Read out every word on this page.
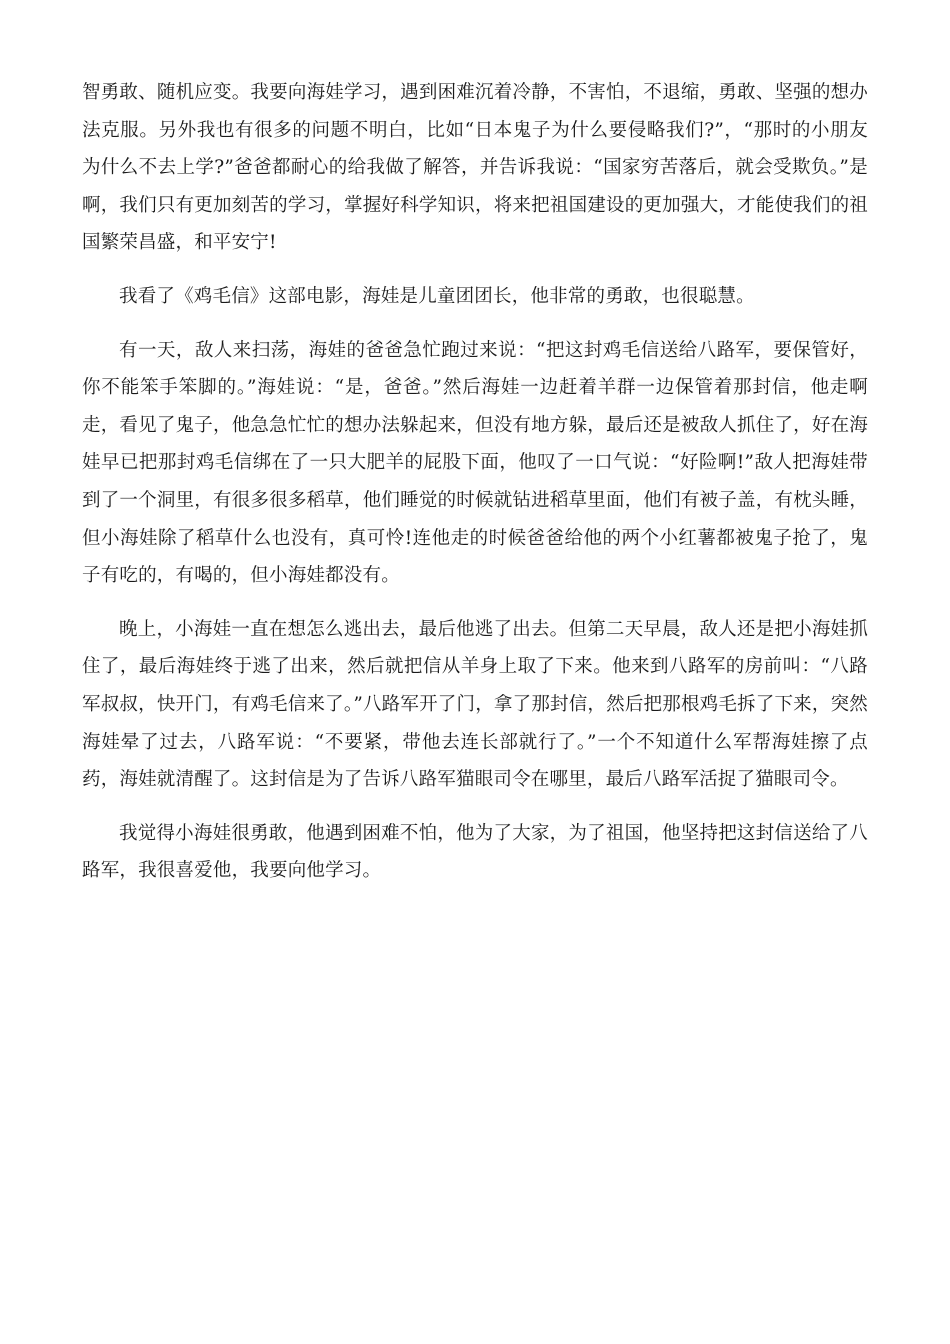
智勇敢、随机应变。我要向海娃学习，遇到困难沉着冷静，不害怕，不退缩，勇敢、坚强的想办法克服。另外我也有很多的问题不明白，比如“日本鬼子为什么要侵略我们?”，“那时的小朋友为什么不去上学?”爸爸都耐心的给我做了解答，并告诉我说：“国家穷苦落后，就会受欺负。”是啊，我们只有更加刻苦的学习，掌握好科学知识，将来把祖国建设的更加强大，才能使我们的祖国繁荣昌盛，和平安宁!

我看了《鸡毛信》这部电影，海娃是儿童团团长，他非常的勇敢，也很聪慧。

有一天，敌人来扫荡，海娃的爸爸急忙跑过来说：“把这封鸡毛信送给八路军，要保管好，你不能笨手笨脚的。”海娃说：“是，爸爸。”然后海娃一边赶着羊群一边保管着那封信，他走啊走，看见了鬼子，他急急忙忙的想办法躲起来，但没有地方躲，最后还是被敌人抓住了，好在海娃早已把那封鸡毛信绑在了一只大肥羊的屁股下面，他叹了一口气说：“好险啊!”敌人把海娃带到了一个洞里，有很多很多稻草，他们睡觉的时候就钻进稻草里面，他们有被子盖，有枕头睡，但小海娃除了稻草什么也没有，真可怜!连他走的时候爸爸给他的两个小红薯都被鬼子抢了，鬼子有吃的，有喝的，但小海娃都没有。

晚上，小海娃一直在想怎么逃出去，最后他逃了出去。但第二天早晨，敌人还是把小海娃抓住了，最后海娃终于逃了出来，然后就把信从羊身上取了下来。他来到八路军的房前叫：“八路军叔叔，快开门，有鸡毛信来了。”八路军开了门，拿了那封信，然后把那根鸡毛拆了下来，突然海娃晕了过去，八路军说：“不要紧，带他去连长部就行了。”一个不知道什么军帮海娃擦了点药，海娃就清醒了。这封信是为了告诉八路军猫眼司令在哪里，最后八路军活捉了猫眼司令。

我觉得小海娃很勇敢，他遇到困难不怕，他为了大家，为了祖国，他坚持把这封信送给了八路军，我很喜爱他，我要向他学习。
